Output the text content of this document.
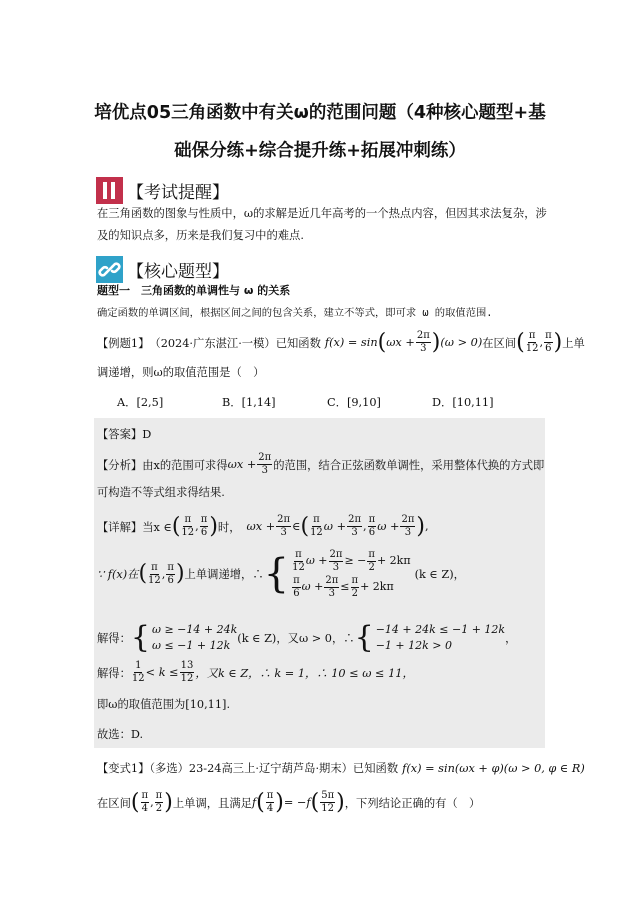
培优点05三角函数中有关ω的范围问题（4种核心题型+基
础保分练+综合提升练+拓展冲刺练）
【考试提醒】
在三角函数的图象与性质中，ω的求解是近几年高考的一个热点内容，但因其求法复杂，涉及的知识点多，历来是我们复习中的难点.
【核心题型】
题型一　三角函数的单调性与 ω 的关系
确定函数的单调区间，根据区间之间的包含关系，建立不等式，即可求 ω 的取值范围.
【例题1】 （2024·广东湛江·一模）已知函数 f(x) = sin ( $\omega x + \frac{2\pi}{3}$ ) (ω > 0) 在区间 ( $\frac{\pi}{12}$ , $\frac{\pi}{6}$ ) 上单
调递增，则ω的取值范围是（　）
A．[2,5]	B．[1,14]	C．[9,10]	D．[10,11]
【答案】D
【分析】由x的范围可求得 $\omega x + \frac{2\pi}{3}$ 的范围，结合正弦函数单调性，采用整体代换的方式即
可构造不等式组求得结果.
【详解】当x ∈ ( $\frac{\pi}{12}$ , $\frac{\pi}{6}$ ) 时， $\omega x + \frac{2\pi}{3}$ ∈ ( $\frac{\pi}{12}$ $\omega + \frac{2\pi}{3}$ , $\frac{\pi}{6}$ $\omega + \frac{2\pi}{3}$ ) ,
∵ f(x)在 ( $\frac{\pi}{12}$ , $\frac{\pi}{6}$ ) 上单调递增，∴ { $\frac{\pi}{12}$ $\omega + \frac{2\pi}{3}$ ≥ − $\frac{\pi}{2} + 2k\pi$
$\frac{\pi}{6}$ $\omega + \frac{2\pi}{3} \le \frac{\pi}{2} + 2k\pi$
(k ∈ Z)，
解得： { ω ≥ −14 + 24k
ω ≤ −1 + 12k
(k ∈ Z) ，又ω > 0，∴ { −14 + 24k ≤ −1 + 12k
−1 + 12k > 0
，
解得： $\frac{1}{12} < k \le \frac{13}{12}$ ，又k ∈ Z，∴ k = 1，∴ 10 ≤ ω ≤ 11，
即ω的取值范围为[10,11].
故选：D.
【变式1】（多选） 23-24高三上·辽宁葫芦岛·期末）已知函数 f(x) = sin(ωx + φ)(ω > 0, φ ∈ R)
在区间 ( $\frac{\pi}{4}$ , $\frac{\pi}{2}$ ) 上单调，且满足 f ( $\frac{\pi}{4}$ ) = −f ( $\frac{5\pi}{12}$ ) ，下列结论正确的有（　）
